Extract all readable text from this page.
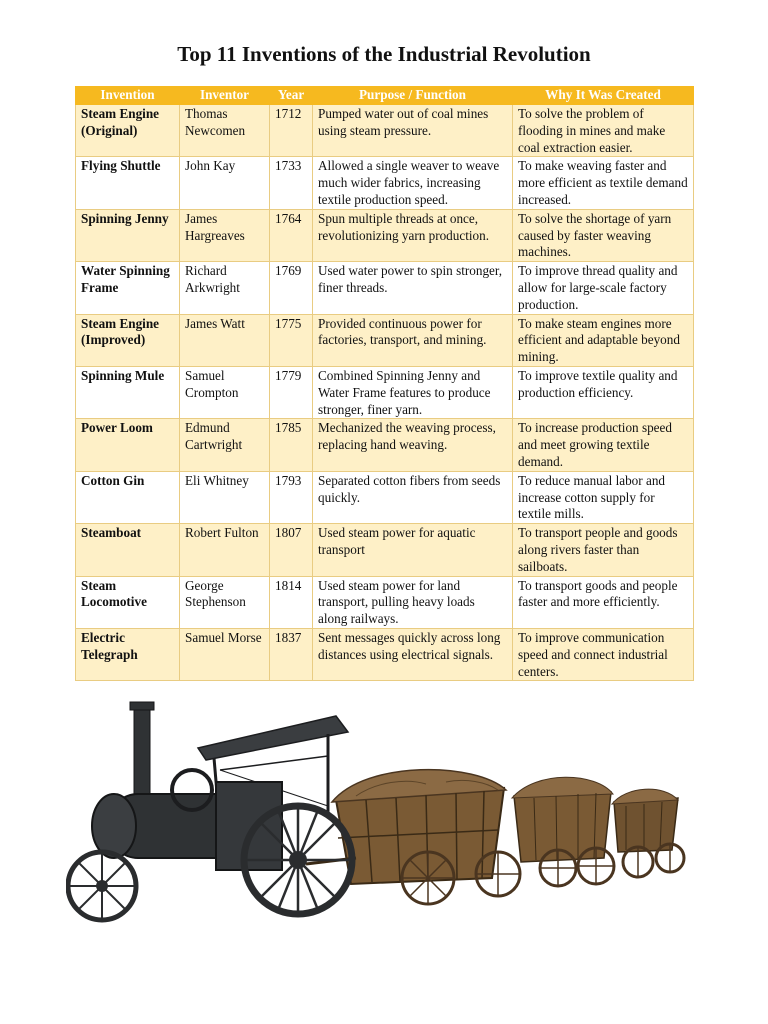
Top 11 Inventions of the Industrial Revolution
Invention	Inventor	Year	Purpose / Function	Why It Was Created
Steam Engine (Original)	Thomas Newcomen	1712	Pumped water out of coal mines using steam pressure.	To solve the problem of flooding in mines and make coal extraction easier.
Flying Shuttle	John Kay	1733	Allowed a single weaver to weave much wider fabrics, increasing textile production speed.	To make weaving faster and more efficient as textile demand increased.
Spinning Jenny	James Hargreaves	1764	Spun multiple threads at once, revolutionizing yarn production.	To solve the shortage of yarn caused by faster weaving machines.
Water Spinning Frame	Richard Arkwright	1769	Used water power to spin stronger, finer threads.	To improve thread quality and allow for large-scale factory production.
Steam Engine (Improved)	James Watt	1775	Provided continuous power for factories, transport, and mining.	To make steam engines more efficient and adaptable beyond mining.
Spinning Mule	Samuel Crompton	1779	Combined Spinning Jenny and Water Frame features to produce stronger, finer yarn.	To improve textile quality and production efficiency.
Power Loom	Edmund Cartwright	1785	Mechanized the weaving process, replacing hand weaving.	To increase production speed and meet growing textile demand.
Cotton Gin	Eli Whitney	1793	Separated cotton fibers from seeds quickly.	To reduce manual labor and increase cotton supply for textile mills.
Steamboat	Robert Fulton	1807	Used steam power for aquatic transport	To transport people and goods along rivers faster than sailboats.
Steam Locomotive	George Stephenson	1814	Used steam power for land transport, pulling heavy loads along railways.	To transport goods and people faster and more efficiently.
Electric Telegraph	Samuel Morse	1837	Sent messages quickly across long distances using electrical signals.	To improve communication speed and connect industrial centers.
